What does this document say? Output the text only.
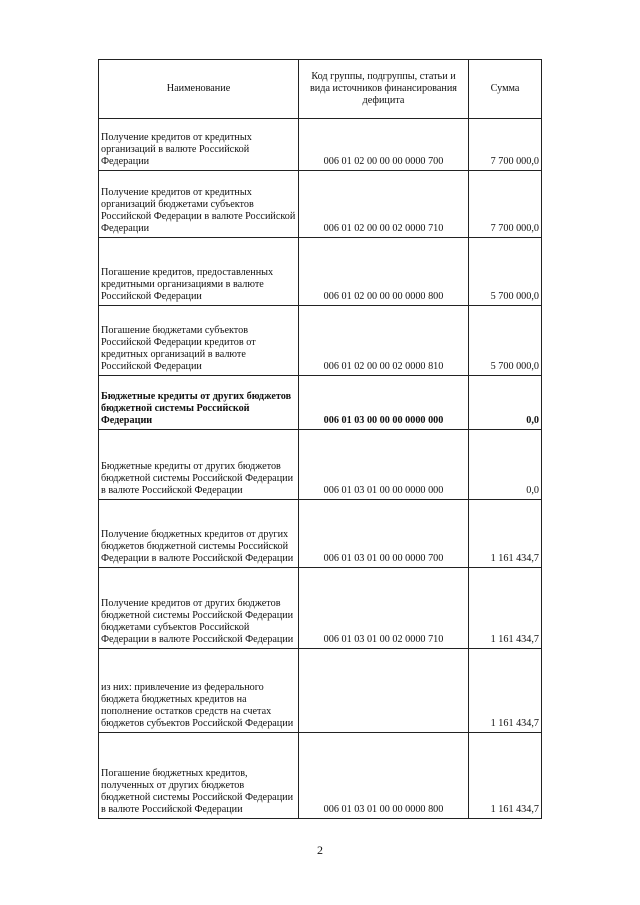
Наименование	Код группы, подгруппы, статьи и вида источников финансирования дефицита	Сумма
Получение кредитов от кредитных организаций в валюте Российской Федерации	006 01 02 00 00 00 0000 700	7 700 000,0
Получение кредитов от кредитных организаций бюджетами субъектов Российской Федерации в валюте Российской Федерации	006 01 02 00 00 02 0000 710	7 700 000,0
Погашение кредитов, предоставленных кредитными организациями в валюте Российской Федерации	006 01 02 00 00 00 0000 800	5 700 000,0
Погашение бюджетами субъектов Российской Федерации кредитов от кредитных организаций в валюте Российской Федерации	006 01 02 00 00 02 0000 810	5 700 000,0
Бюджетные кредиты от других бюджетов бюджетной системы Российской Федерации	006 01 03 00 00 00 0000 000	0,0
Бюджетные кредиты от других бюджетов бюджетной системы Российской Федерации в валюте Российской Федерации	006 01 03 01 00 00 0000 000	0,0
Получение бюджетных кредитов от других бюджетов бюджетной системы Российской Федерации в валюте Российской Федерации	006 01 03 01 00 00 0000 700	1 161 434,7
Получение кредитов от других бюджетов бюджетной системы Российской Федерации бюджетами субъектов Российской Федерации в валюте Российской Федерации	006 01 03 01 00 02 0000 710	1 161 434,7
из них: привлечение из федерального бюджета бюджетных кредитов на пополнение остатков средств на счетах бюджетов субъектов Российской Федерации		1 161 434,7
Погашение бюджетных кредитов, полученных от других бюджетов бюджетной системы Российской Федерации в валюте Российской Федерации	006 01 03 01 00 00 0000 800	1 161 434,7
2
